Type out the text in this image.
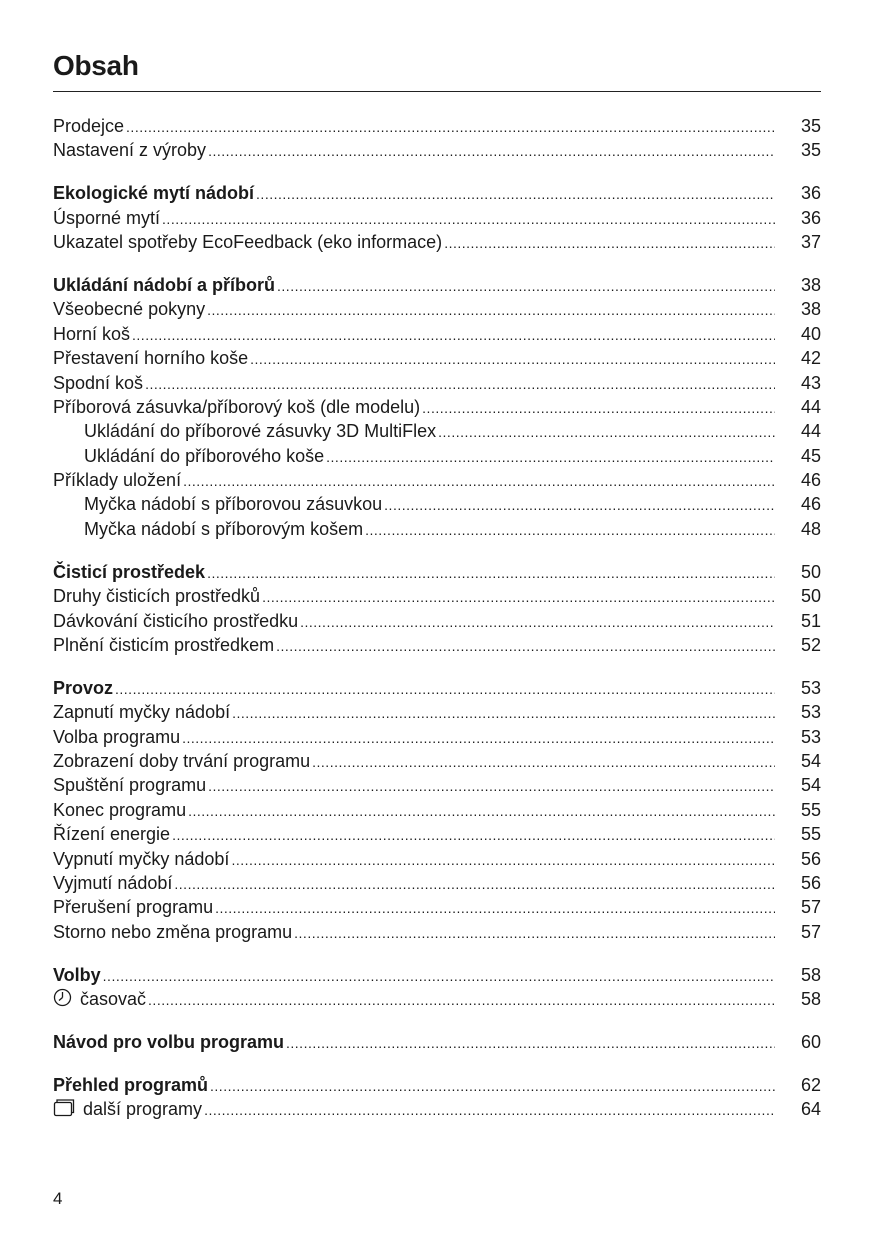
Obsah
Prodejce .....	35
Nastavení z výroby .....	35
Ekologické mytí nádobí .....	36
Úsporné mytí .....	36
Ukazatel spotřeby EcoFeedback (eko informace) .....	37
Ukládání nádobí a příborů .....	38
Všeobecné pokyny .....	38
Horní koš .....	40
Přestavení horního koše .....	42
Spodní koš .....	43
Příborová zásuvka/příborový koš (dle modelu) .....	44
Ukládání do příborové zásuvky 3D MultiFlex .....	44
Ukládání do příborového koše .....	45
Příklady uložení .....	46
Myčka nádobí s příborovou zásuvkou .....	46
Myčka nádobí s příborovým košem .....	48
Čisticí prostředek .....	50
Druhy čisticích prostředků .....	50
Dávkování čisticího prostředku .....	51
Plnění čisticím prostředkem .....	52
Provoz .....	53
Zapnutí myčky nádobí .....	53
Volba programu .....	53
Zobrazení doby trvání programu .....	54
Spuštění programu .....	54
Konec programu .....	55
Řízení energie .....	55
Vypnutí myčky nádobí .....	56
Vyjmutí nádobí .....	56
Přerušení programu .....	57
Storno nebo změna programu .....	57
Volby .....	58
časovač .....	58
Návod pro volbu programu .....	60
Přehled programů .....	62
další programy .....	64
4
